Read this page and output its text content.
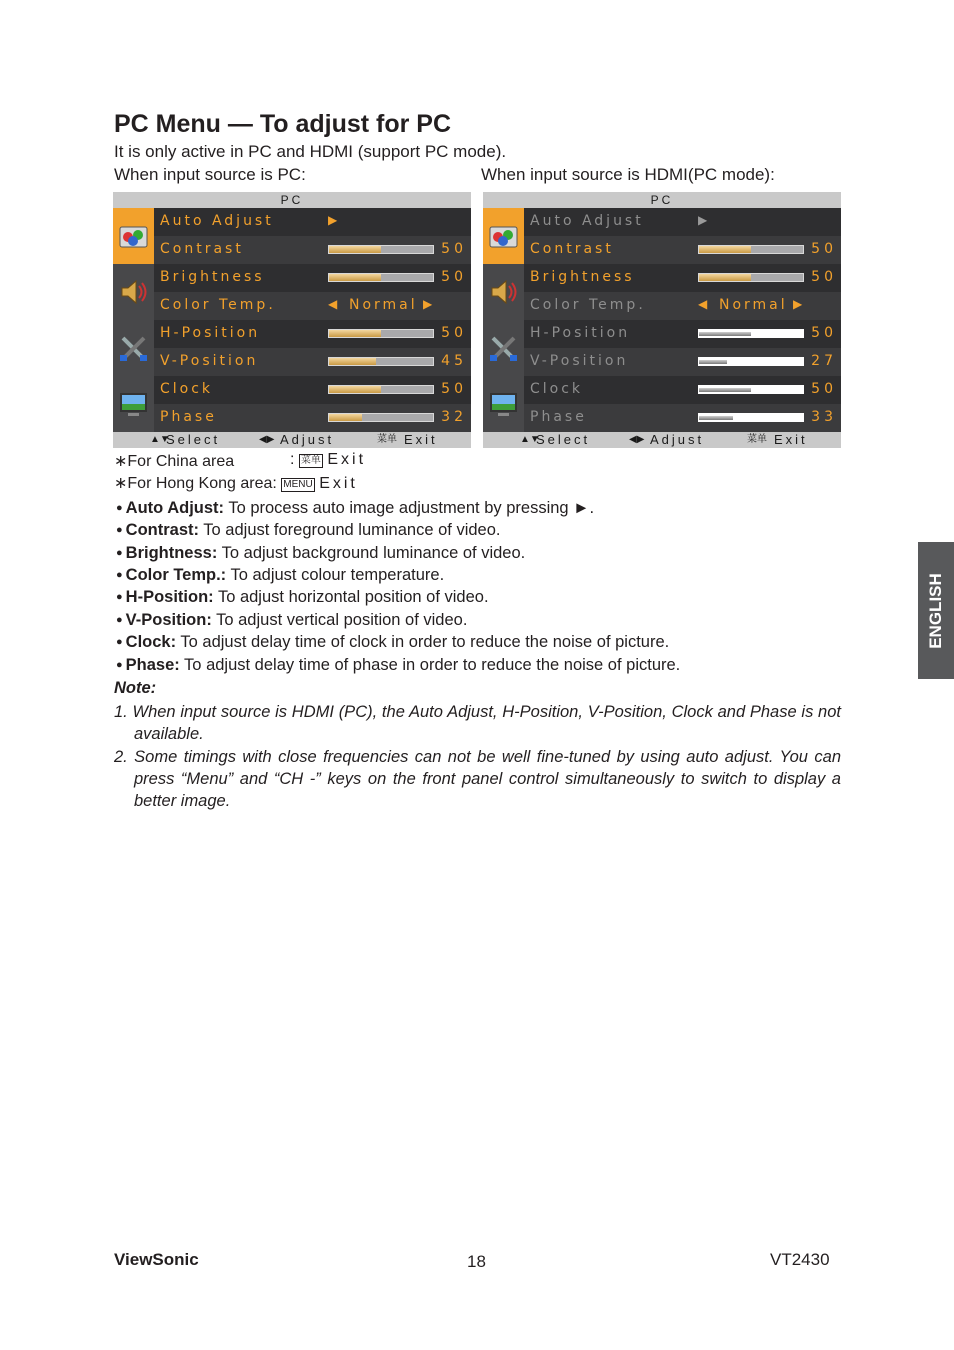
PC Menu — To adjust for PC
It is only active in PC and HDMI (support PC mode).
When input source is PC:	When input source is HDMI(PC mode):
PC
Auto Adjust	▶
Contrast	50
Brightness	50
Color Temp.	◀ Normal ▶
H-Position	50
V-Position	45
Clock	50
Phase	32
▲▼
Select	◀▶ Adjust	菜单 Exit
PC
Auto Adjust	▶
Contrast	50
Brightness	50
Color Temp.	◀ Normal ▶
H-Position	50
V-Position	27
Clock	50
Phase	33
▲▼
Select	◀▶ Adjust	菜单 Exit
∗For China area	: 菜单 Exit
∗For Hong Kong area: MENU Exit
● Auto Adjust: To process auto image adjustment by pressing ►.
● Contrast: To adjust foreground luminance of video.
● Brightness: To adjust background luminance of video.
● Color Temp.: To adjust colour temperature.
● H-Position: To adjust horizontal position of video.
● V-Position: To adjust vertical position of video.
● Clock: To adjust delay time of clock in order to reduce the noise of picture.
● Phase: To adjust delay time of phase in order to reduce the noise of picture.
Note:
1. When input source is HDMI (PC), the Auto Adjust, H-Position, V-Position, Clock and Phase is not available.
2. Some timings with close frequencies can not be well fine-tuned by using auto adjust. You can press “Menu” and “CH -” keys on the front panel control simultaneously to switch to display a better image.
ENGLISH
ViewSonic	18	VT2430
